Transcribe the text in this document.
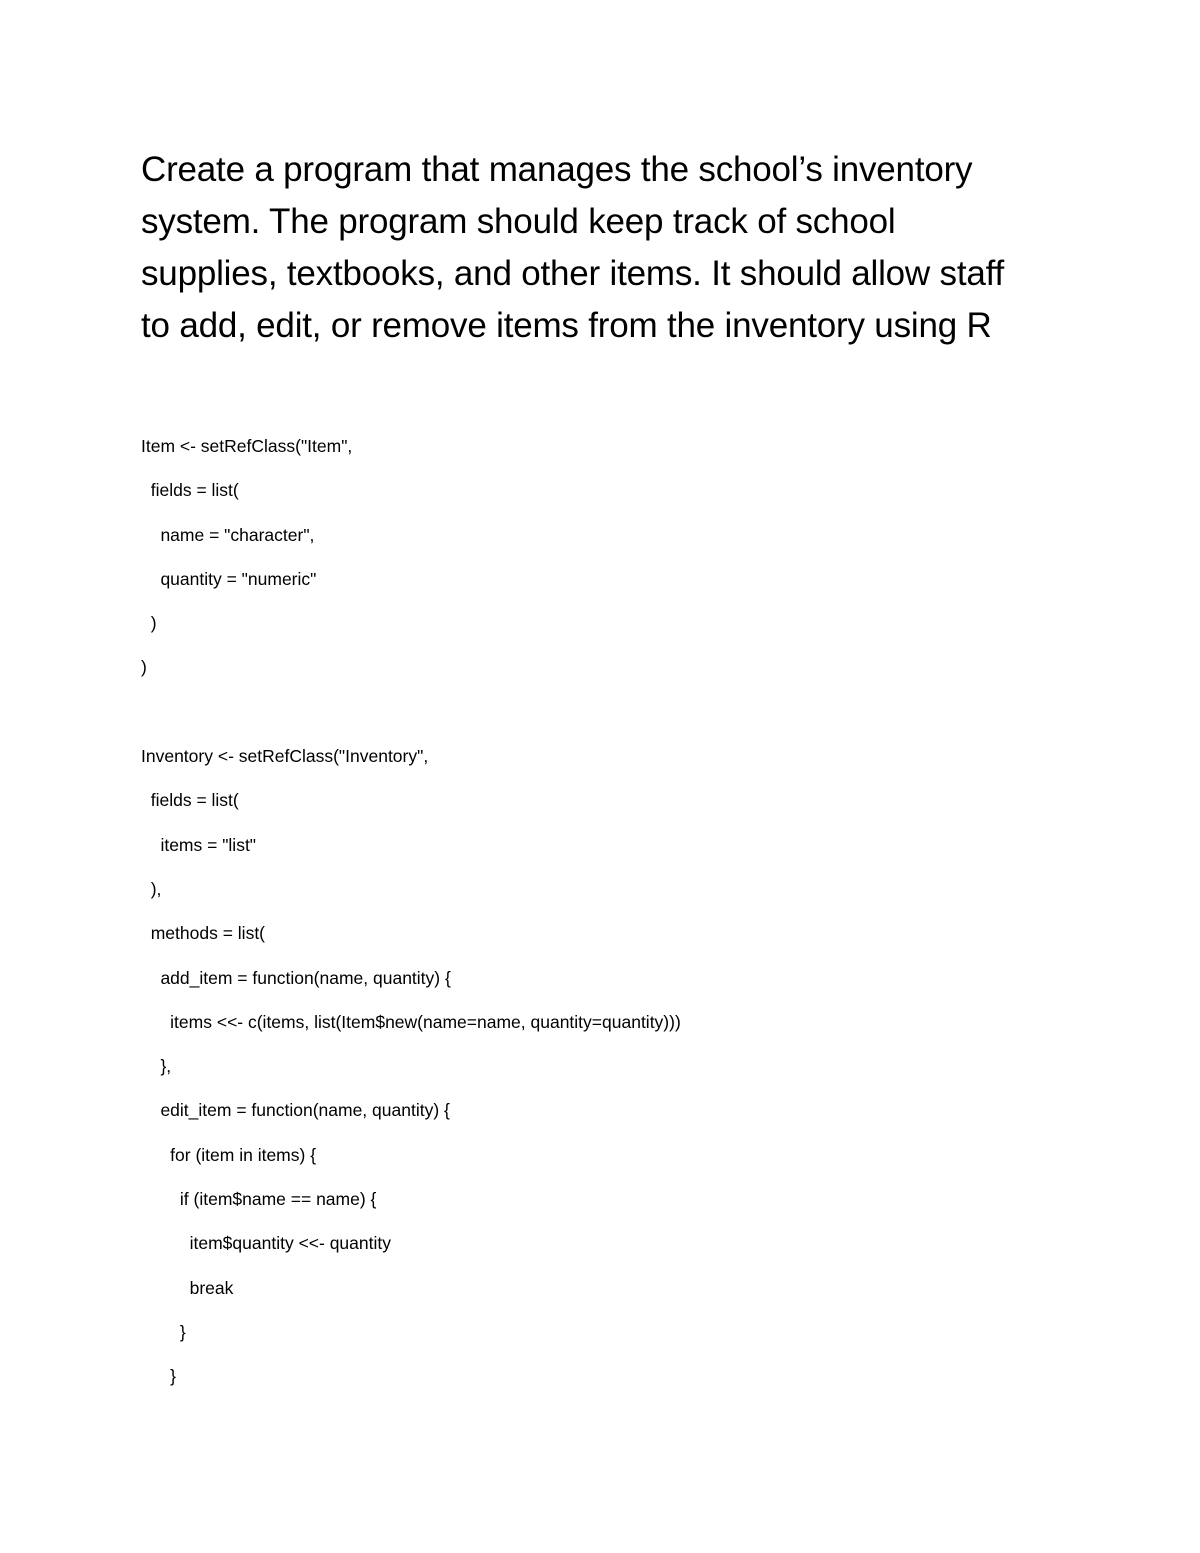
Create a program that manages the school’s inventory
system. The program should keep track of school
supplies, textbooks, and other items. It should allow staff
to add, edit, or remove items from the inventory using R
Item <- setRefClass("Item",
fields = list(
name = "character",
quantity = "numeric"
)
)
Inventory <- setRefClass("Inventory",
fields = list(
items = "list"
),
methods = list(
add_item = function(name, quantity) {
items <<- c(items, list(Item$new(name=name, quantity=quantity)))
},
edit_item = function(name, quantity) {
for (item in items) {
if (item$name == name) {
item$quantity <<- quantity
break
}
}
